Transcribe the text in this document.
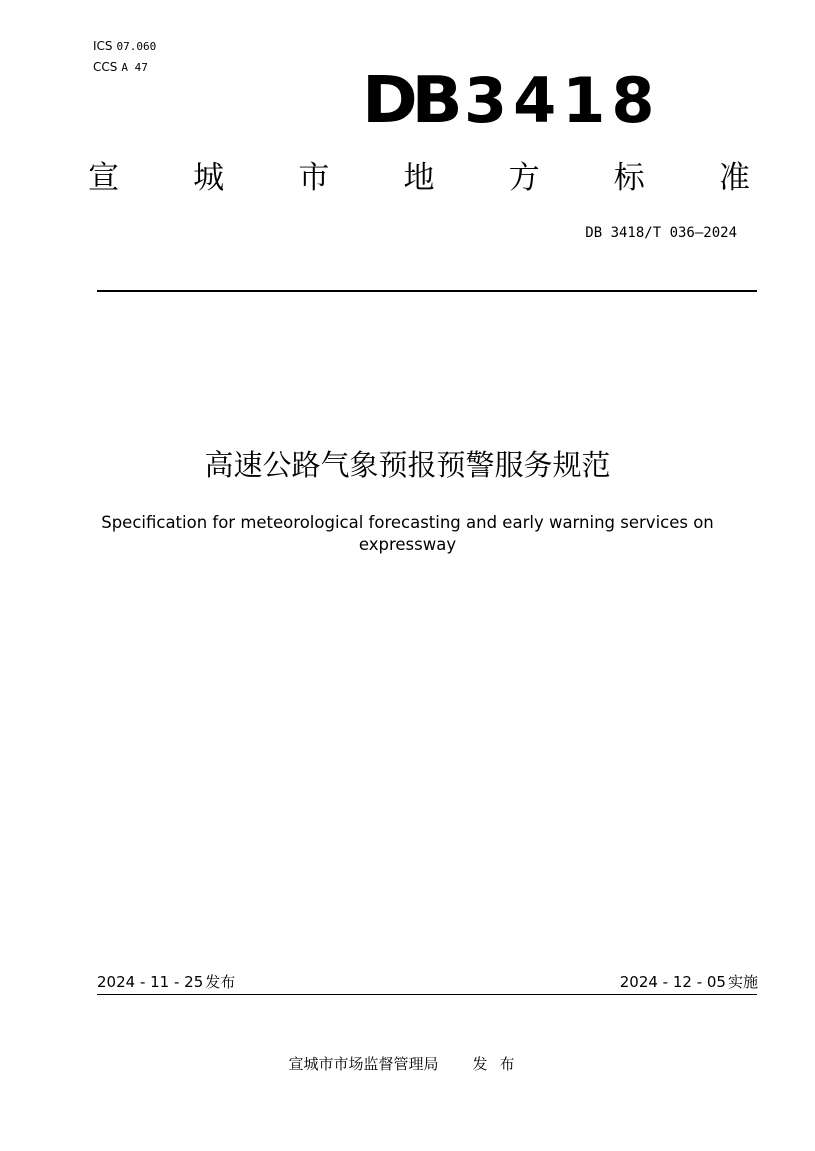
ICS 07.060
CCS A 47	DB 3418
宣 城 市 地 方 标 准
DB 3418/T 036—2024
高速公路气象预报预警服务规范
Specification for meteorological forecasting and early warning services on expressway
2024 - 11 - 25 发布	2024 - 12 - 05 实施
宣城市市场监督管理局 发布
